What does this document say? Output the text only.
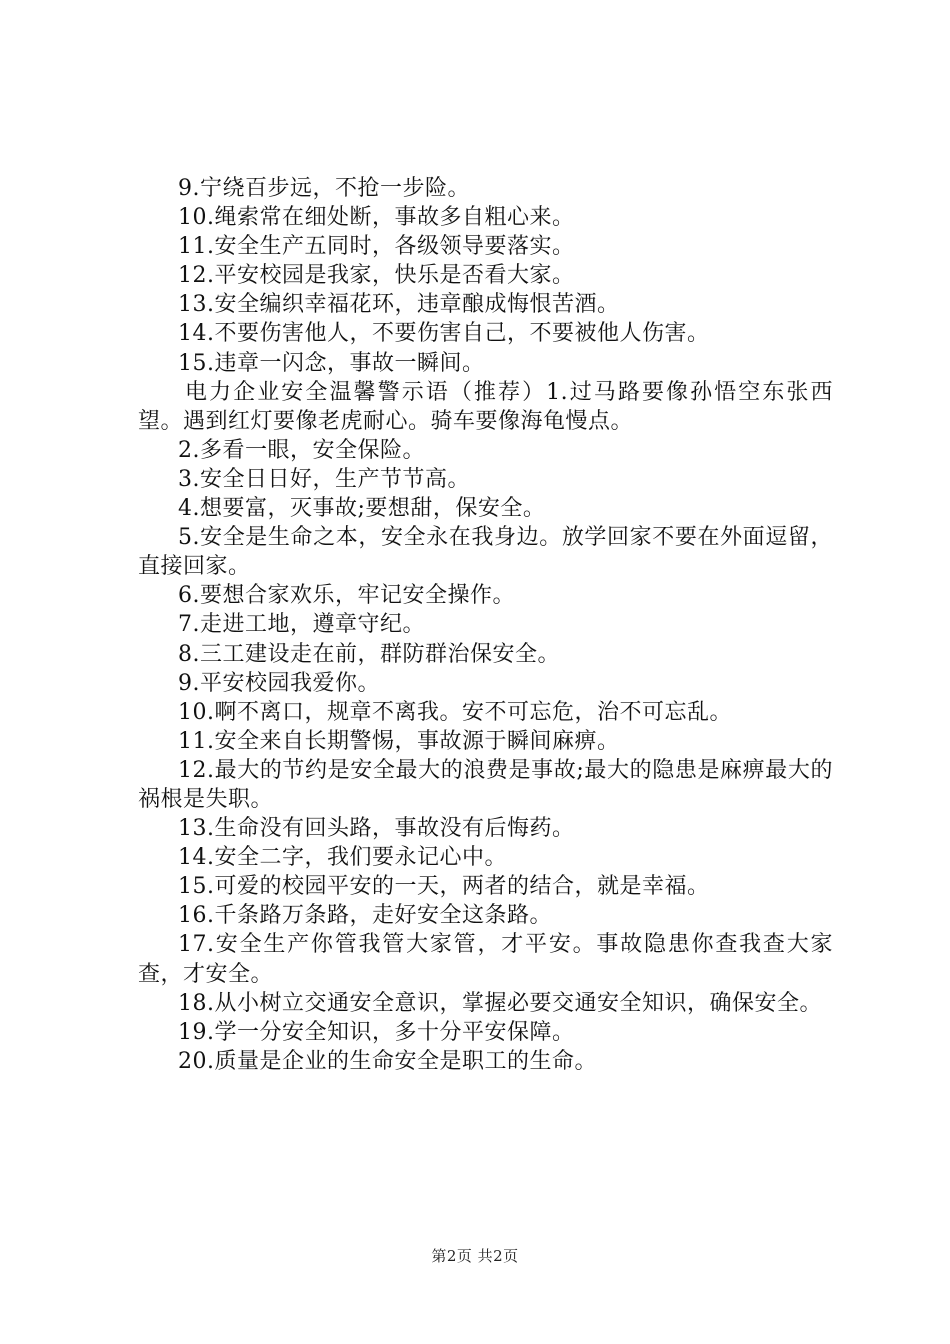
9.宁绕百步远，不抢一步险。

10.绳索常在细处断，事故多自粗心来。

11.安全生产五同时，各级领导要落实。

12.平安校园是我家，快乐是否看大家。

13.安全编织幸福花环，违章酿成悔恨苦酒。

14.不要伤害他人，不要伤害自己，不要被他人伤害。

15.违章一闪念，事故一瞬间。

电力企业安全温馨警示语（推荐）1.过马路要像孙悟空东张西望。遇到红灯要像老虎耐心。骑车要像海龟慢点。

2.多看一眼，安全保险。

3.安全日日好，生产节节高。

4.想要富，灭事故;要想甜，保安全。

5.安全是生命之本，安全永在我身边。放学回家不要在外面逗留，直接回家。

6.要想合家欢乐，牢记安全操作。

7.走进工地，遵章守纪。

8.三工建设走在前，群防群治保安全。

9.平安校园我爱你。

10.啊不离口，规章不离我。安不可忘危，治不可忘乱。

11.安全来自长期警惕，事故源于瞬间麻痹。

12.最大的节约是安全最大的浪费是事故;最大的隐患是麻痹最大的祸根是失职。

13.生命没有回头路，事故没有后悔药。

14.安全二字，我们要永记心中。

15.可爱的校园平安的一天，两者的结合，就是幸福。

16.千条路万条路，走好安全这条路。

17.安全生产你管我管大家管，才平安。事故隐患你查我查大家查，才安全。

18.从小树立交通安全意识，掌握必要交通安全知识，确保安全。

19.学一分安全知识，多十分平安保障。

20.质量是企业的生命安全是职工的生命。

第2页 共2页
